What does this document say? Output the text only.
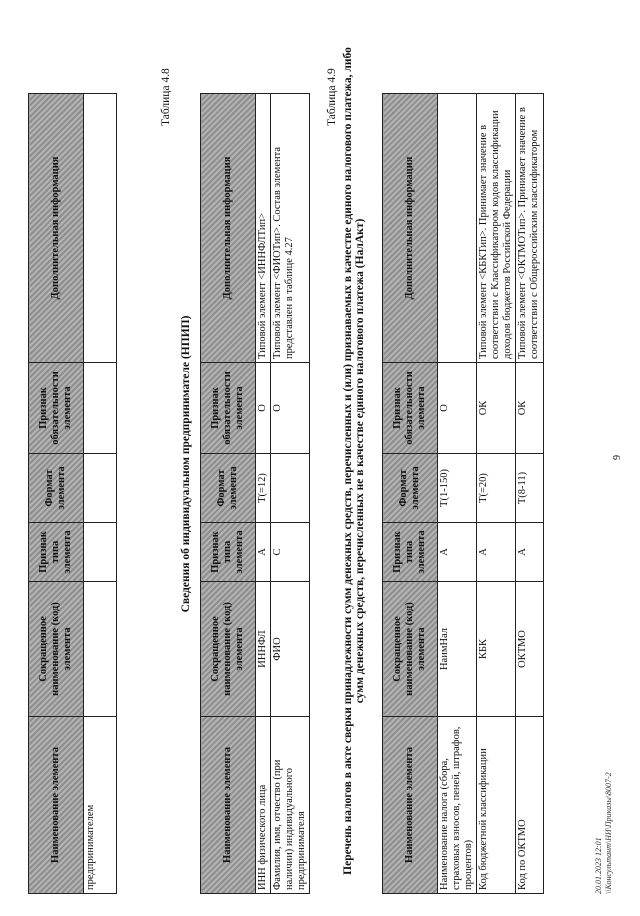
9
Наименование элемента	Сокращенное наименование (код) элемента	Признак типа элемента	Формат элемента	Признак обязательности элемента	Дополнительная информация
предпринимателем					
Таблица 4.8
Сведения об индивидуальном предпринимателе (НПИП)
Наименование элемента	Сокращенное наименование (код) элемента	Признак типа элемента	Формат элемента	Признак обязательности элемента	Дополнительная информация
ИНН физического лица	ИННФЛ	А	T(=12)	О	Типовой элемент <ИННФЛТип>
Фамилия, имя, отчество (при наличии) индивидуального предпринимателя	ФИО	С		О	Типовой элемент <ФИОТип>. Состав элемента представлен в таблице 4.27
Таблица 4.9 Перечень налогов в акте сверки принадлежности сумм денежных средств, перечисленных и (или) признаваемых в качестве единого налогового платежа, либо сумм денежных средств, перечисленных не в качестве единого налогового платежа (НалАкт)
Наименование элемента	Сокращенное наименование (код) элемента	Признак типа элемента	Формат элемента	Признак обязательности элемента	Дополнительная информация
Наименование налога (сбора, страховых взносов, пеней, штрафов, процентов)	НаимНал	А	T(1-150)	О	
Код бюджетной классификации	КБК	А	T(=20)	ОК	Типовой элемент <КБКТип>. Принимает значение в соответствии с Классификатором кодов классификации доходов бюджетов Российской Федерации
Код по ОКТМО	ОКТМО	А	T(8-11)	ОК	Типовой элемент <ОКТМОТип>. Принимает значение в соответствии с Общероссийским классификатором
20.01.2023 12:01 \\Консультант\НИ\Приказы\8007-2
